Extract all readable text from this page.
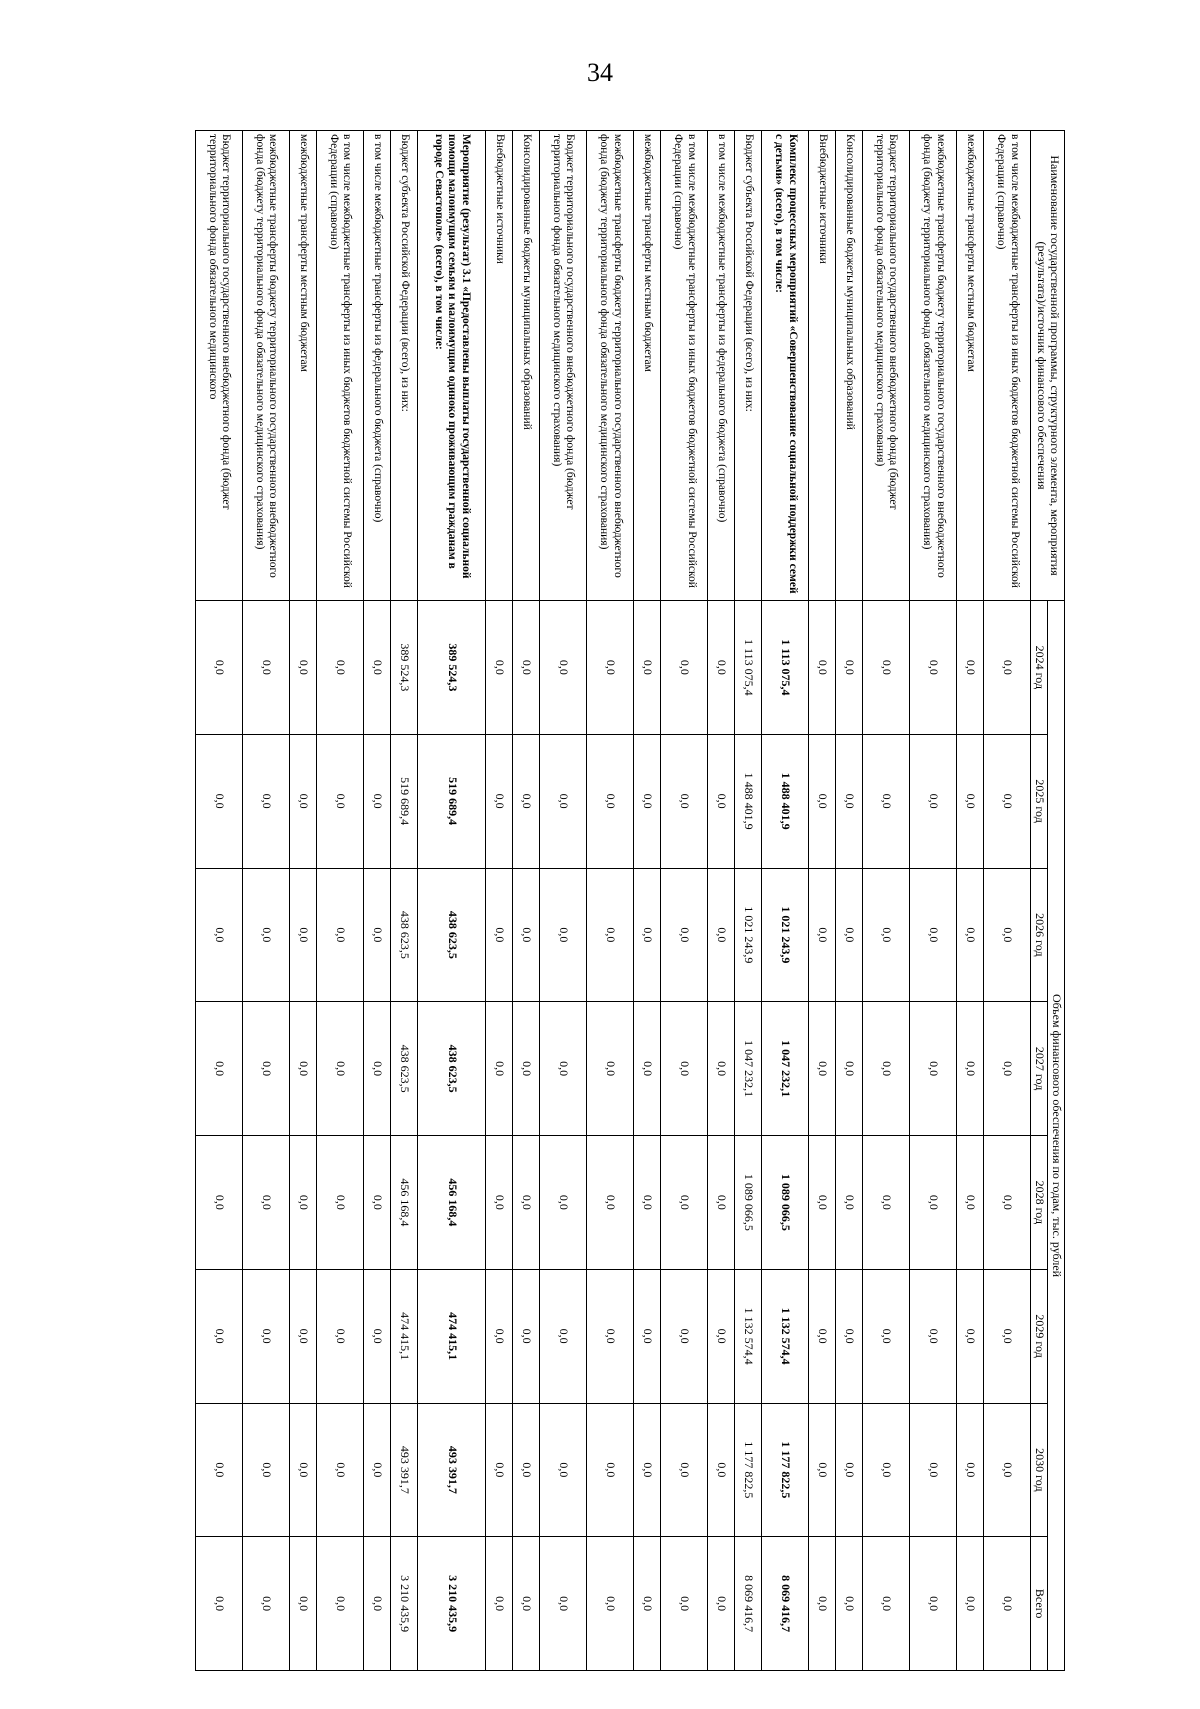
34
Наименование государственной программы, структурного элемента, мероприятия (результата)/источник финансового обеспечения	Объем финансового обеспечения по годам, тыс. рублей							
	2024 год	2025 год	2026 год	2027 год	2028 год	2029 год	2030 год	Всего
в том числе межбюджетные трансферты из иных бюджетов бюджетной системы Российской Федерации (справочно)	0,0	0,0	0,0	0,0	0,0	0,0	0,0	0,0
межбюджетные трансферты местным бюджетам	0,0	0,0	0,0	0,0	0,0	0,0	0,0	0,0
межбюджетные трансферты бюджету территориального государственного внебюджетного фонда (бюджету территориального фонда обязательного медицинского страхования)	0,0	0,0	0,0	0,0	0,0	0,0	0,0	0,0
Бюджет территориального государственного внебюджетного фонда (бюджет территориального фонда обязательного медицинского страхования)	0,0	0,0	0,0	0,0	0,0	0,0	0,0	0,0
Консолидированные бюджеты муниципальных образований	0,0	0,0	0,0	0,0	0,0	0,0	0,0	0,0
Внебюджетные источники	0,0	0,0	0,0	0,0	0,0	0,0	0,0	0,0
Комплекс процессных мероприятий «Совершенствование социальной поддержки семей с детьми» (всего), в том числе:	1 113 075,4	1 488 401,9	1 021 243,9	1 047 232,1	1 089 066,5	1 132 574,4	1 177 822,5	8 069 416,7
Бюджет субъекта Российской Федерации (всего), из них:	1 113 075,4	1 488 401,9	1 021 243,9	1 047 232,1	1 089 066,5	1 132 574,4	1 177 822,5	8 069 416,7
в том числе межбюджетные трансферты из федерального бюджета (справочно)	0,0	0,0	0,0	0,0	0,0	0,0	0,0	0,0
в том числе межбюджетные трансферты из иных бюджетов бюджетной системы Российской Федерации (справочно)	0,0	0,0	0,0	0,0	0,0	0,0	0,0	0,0
межбюджетные трансферты местным бюджетам	0,0	0,0	0,0	0,0	0,0	0,0	0,0	0,0
межбюджетные трансферты бюджету территориального государственного внебюджетного фонда (бюджету территориального фонда обязательного медицинского страхования)	0,0	0,0	0,0	0,0	0,0	0,0	0,0	0,0
Бюджет территориального государственного внебюджетного фонда (бюджет территориального фонда обязательного медицинского страхования)	0,0	0,0	0,0	0,0	0,0	0,0	0,0	0,0
Консолидированные бюджеты муниципальных образований	0,0	0,0	0,0	0,0	0,0	0,0	0,0	0,0
Внебюджетные источники	0,0	0,0	0,0	0,0	0,0	0,0	0,0	0,0
Мероприятие (результат) 3.1 «Предоставлены выплаты государственной социальной помощи малоимущим семьям и малоимущим одиноко проживающим гражданам в городе Севастополе» (всего), в том числе:	389 524,3	519 689,4	438 623,5	438 623,5	456 168,4	474 415,1	493 391,7	3 210 435,9
Бюджет субъекта Российской Федерации (всего), из них:	389 524,3	519 689,4	438 623,5	438 623,5	456 168,4	474 415,1	493 391,7	3 210 435,9
в том числе межбюджетные трансферты из федерального бюджета (справочно)	0,0	0,0	0,0	0,0	0,0	0,0	0,0	0,0
в том числе межбюджетные трансферты из иных бюджетов бюджетной системы Российской Федерации (справочно)	0,0	0,0	0,0	0,0	0,0	0,0	0,0	0,0
межбюджетные трансферты местным бюджетам	0,0	0,0	0,0	0,0	0,0	0,0	0,0	0,0
межбюджетные трансферты бюджету территориального государственного внебюджетного фонда (бюджету территориального фонда обязательного медицинского страхования)	0,0	0,0	0,0	0,0	0,0	0,0	0,0	0,0
Бюджет территориального государственного внебюджетного фонда (бюджет территориального фонда обязательного медицинского	0,0	0,0	0,0	0,0	0,0	0,0	0,0	0,0
